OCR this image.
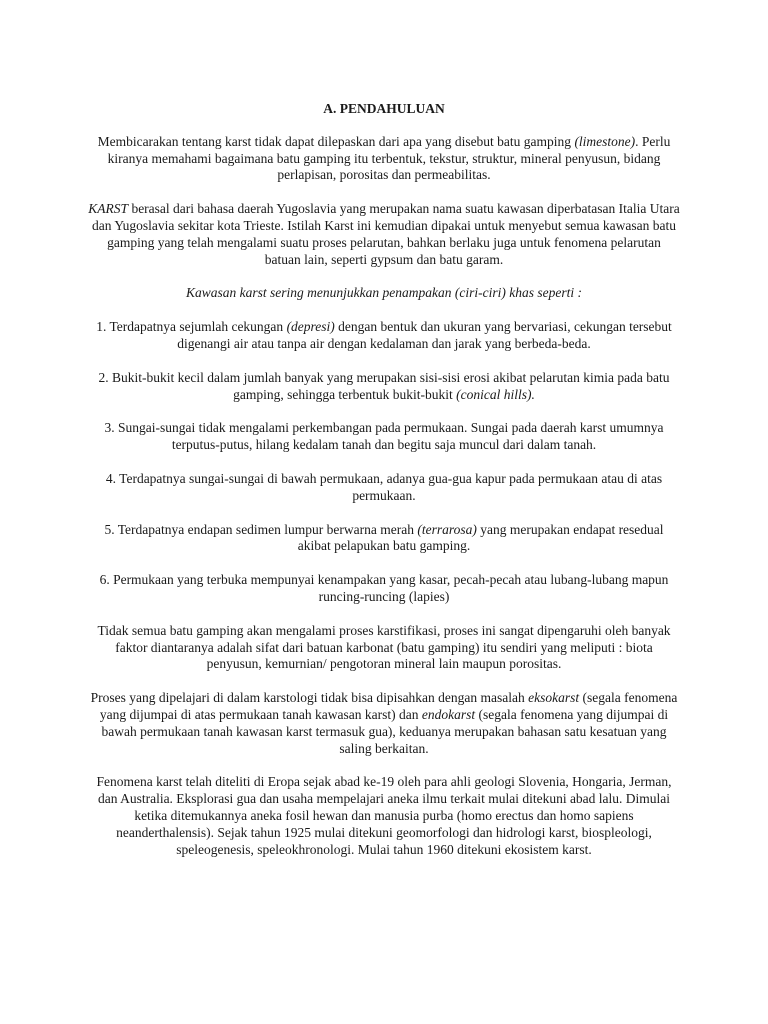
A. PENDAHULUAN

Membicarakan tentang karst tidak dapat dilepaskan dari apa yang disebut batu gamping (limestone). Perlu kiranya memahami bagaimana batu gamping itu terbentuk, tekstur, struktur, mineral penyusun, bidang perlapisan, porositas dan permeabilitas.

KARST berasal dari bahasa daerah Yugoslavia yang merupakan nama suatu kawasan diperbatasan Italia Utara dan Yugoslavia sekitar kota Trieste. Istilah Karst ini kemudian dipakai untuk menyebut semua kawasan batu gamping yang telah mengalami suatu proses pelarutan, bahkan berlaku juga untuk fenomena pelarutan batuan lain, seperti gypsum dan batu garam.

Kawasan karst sering menunjukkan penampakan (ciri-ciri) khas seperti :

1. Terdapatnya sejumlah cekungan (depresi) dengan bentuk dan ukuran yang bervariasi, cekungan tersebut digenangi air atau tanpa air dengan kedalaman dan jarak yang berbeda-beda.

2. Bukit-bukit kecil dalam jumlah banyak yang merupakan sisi-sisi erosi akibat pelarutan kimia pada batu gamping, sehingga terbentuk bukit-bukit (conical hills).

3. Sungai-sungai tidak mengalami perkembangan pada permukaan. Sungai pada daerah karst umumnya terputus-putus, hilang kedalam tanah dan begitu saja muncul dari dalam tanah.

4. Terdapatnya sungai-sungai di bawah permukaan, adanya gua-gua kapur pada permukaan atau di atas permukaan.

5. Terdapatnya endapan sedimen lumpur berwarna merah (terrarosa) yang merupakan endapat resedual akibat pelapukan batu gamping.

6. Permukaan yang terbuka mempunyai kenampakan yang kasar, pecah-pecah atau lubang-lubang mapun runcing-runcing (lapies)

Tidak semua batu gamping akan mengalami proses karstifikasi, proses ini sangat dipengaruhi oleh banyak faktor diantaranya adalah sifat dari batuan karbonat (batu gamping) itu sendiri yang meliputi : biota penyusun, kemurnian/ pengotoran mineral lain maupun porositas.

Proses yang dipelajari di dalam karstologi tidak bisa dipisahkan dengan masalah eksokarst (segala fenomena yang dijumpai di atas permukaan tanah kawasan karst) dan endokarst (segala fenomena yang dijumpai di bawah permukaan tanah kawasan karst termasuk gua), keduanya merupakan bahasan satu kesatuan yang saling berkaitan.

Fenomena karst telah diteliti di Eropa sejak abad ke-19 oleh para ahli geologi Slovenia, Hongaria, Jerman, dan Australia. Eksplorasi gua dan usaha mempelajari aneka ilmu terkait mulai ditekuni abad lalu. Dimulai ketika ditemukannya aneka fosil hewan dan manusia purba (homo erectus dan homo sapiens neanderthalensis). Sejak tahun 1925 mulai ditekuni geomorfologi dan hidrologi karst, biospleologi, speleogenesis, speleokhronologi. Mulai tahun 1960 ditekuni ekosistem karst.
